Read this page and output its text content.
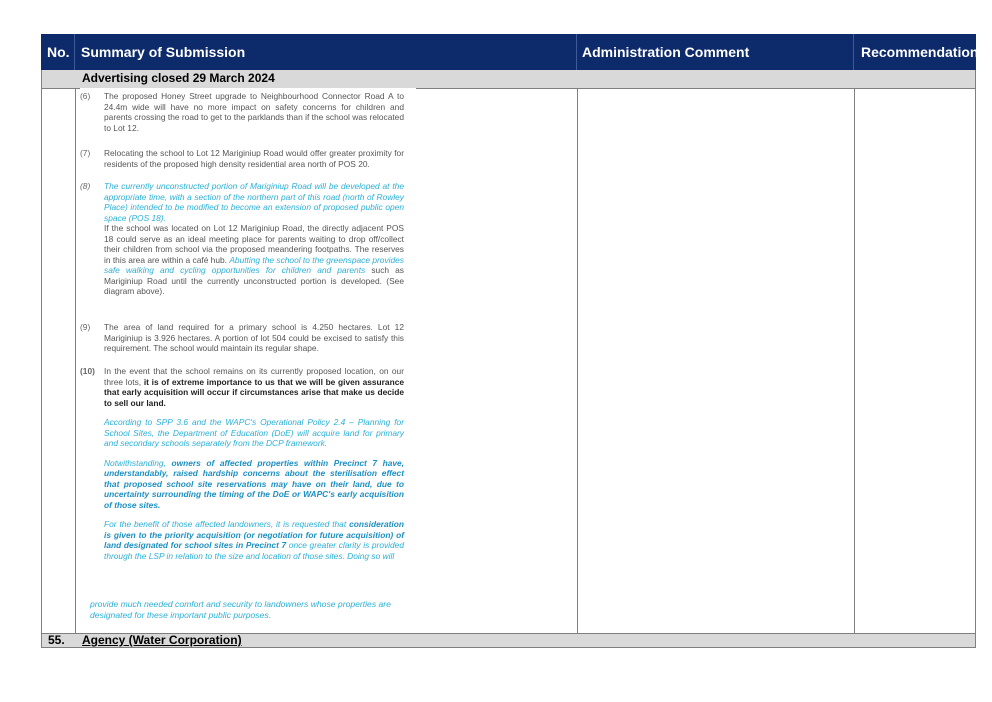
No. Summary of Submission	Administration Comment	Recommendation
Advertising closed 29 March 2024
55. Agency (Water Corporation)
(6) The proposed Honey Street upgrade to Neighbourhood Connector Road A to 24.4m wide will have no more impact on safety concerns for children and parents crossing the road to get to the parklands than if the school was relocated to Lot 12.
(7) Relocating the school to Lot 12 Mariginiup Road would offer greater proximity for residents of the proposed high density residential area north of POS 20.
(8) The currently unconstructed portion of Mariginiup Road will be developed at the appropriate time, with a section of the northern part of this road (north of Rowley Place) intended to be modified to become an extension of proposed public open space (POS 18).
If the school was located on Lot 12 Mariginiup Road, the directly adjacent POS 18 could serve as an ideal meeting place for parents waiting to drop off/collect their children from school via the proposed meandering footpaths. The reserves in this area are within a café hub. Abutting the school to the greenspace provides safe walking and cycling opportunities for children and parents such as Mariginiup Road until the currently unconstructed portion is developed. (See diagram above).
(9) The area of land required for a primary school is 4.250 hectares. Lot 12 Mariginiup is 3.926 hectares. A portion of lot 504 could be excised to satisfy this requirement. The school would maintain its regular shape.
(10) In the event that the school remains on its currently proposed location, on our three lots, it is of extreme importance to us that we will be given assurance that early acquisition will occur if circumstances arise that make us decide to sell our land.
According to SPP 3.6 and the WAPC's Operational Policy 2.4 – Planning for School Sites, the Department of Education (DoE) will acquire land for primary and secondary schools separately from the DCP framework.
Notwithstanding, owners of affected properties within Precinct 7 have, understandably, raised hardship concerns about the sterilisation effect that proposed school site reservations may have on their land, due to uncertainty surrounding the timing of the DoE or WAPC's early acquisition of those sites.
For the benefit of those affected landowners, it is requested that consideration is given to the priority acquisition (or negotiation for future acquisition) of land designated for school sites in Precinct 7 once greater clarity is provided through the LSP in relation to the size and location of those sites. Doing so will
provide much needed comfort and security to landowners whose properties are designated for these important public purposes.
